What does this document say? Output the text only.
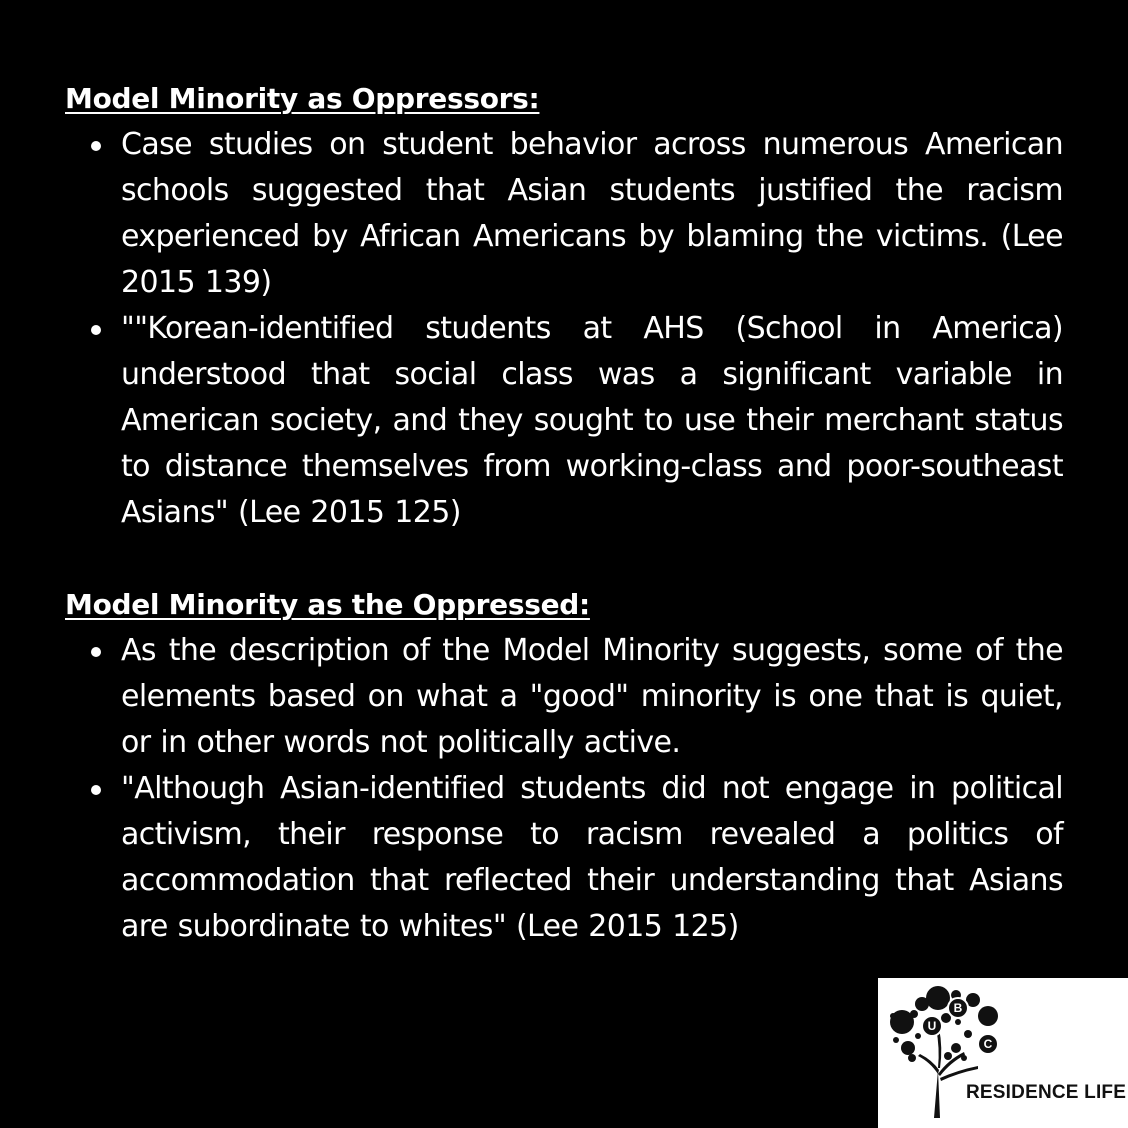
Model Minority as Oppressors:
Case studies on student behavior across numerous American schools suggested that Asian students justified the racism experienced by African Americans by blaming the victims. (Lee 2015 139)
""Korean-identified students at AHS (School in America) understood that social class was a significant variable in American society, and they sought to use their merchant status to distance themselves from working-class and poor-southeast Asians" (Lee 2015 125)
Model Minority as the Oppressed:
As the description of the Model Minority suggests, some of the elements based on what a "good" minority is one that is quiet, or in other words not politically active.
"Although Asian-identified students did not engage in political activism, their response to racism revealed a politics of accommodation that reflected their understanding that Asians are subordinate to whites" (Lee 2015 125)
U
B
C
RESIDENCE LIFE
